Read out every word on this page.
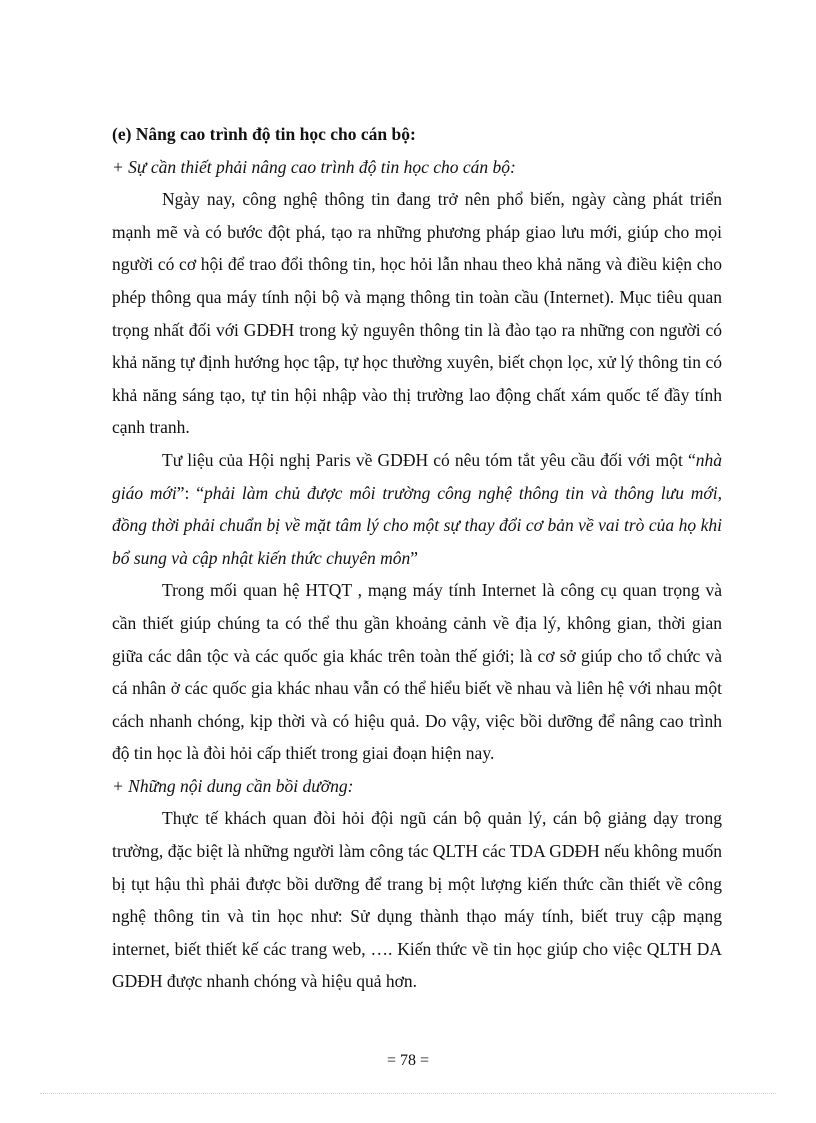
(e) Nâng cao trình độ tin học cho cán bộ:

+ Sự cần thiết phải nâng cao trình độ tin học cho cán bộ:

Ngày nay, công nghệ thông tin đang trở nên phổ biến, ngày càng phát triển mạnh mẽ và có bước đột phá, tạo ra những phương pháp giao lưu mới, giúp cho mọi người có cơ hội để trao đổi thông tin, học hỏi lẫn nhau theo khả năng và điều kiện cho phép thông qua máy tính nội bộ và mạng thông tin toàn cầu (Internet). Mục tiêu quan trọng nhất đối với GDĐH trong kỷ nguyên thông tin là đào tạo ra những con người có khả năng tự định hướng học tập, tự học thường xuyên, biết chọn lọc, xử lý thông tin có khả năng sáng tạo, tự tin hội nhập vào thị trường lao động chất xám quốc tế đầy tính cạnh tranh.

Tư liệu của Hội nghị Paris về GDĐH có nêu tóm tắt yêu cầu đối với một “nhà giáo mới”: “phải làm chủ được môi trường công nghệ thông tin và thông lưu mới, đồng thời phải chuẩn bị về mặt tâm lý cho một sự thay đổi cơ bản về vai trò của họ khi bổ sung và cập nhật kiến thức chuyên môn”

Trong mối quan hệ HTQT , mạng máy tính Internet là công cụ quan trọng và cần thiết giúp chúng ta có thể thu gần khoảng cảnh về địa lý, không gian, thời gian giữa các dân tộc và các quốc gia khác trên toàn thế giới; là cơ sở giúp cho tổ chức và cá nhân ở các quốc gia khác nhau vẫn có thể hiểu biết về nhau và liên hệ với nhau một cách nhanh chóng, kịp thời và có hiệu quả. Do vậy, việc bồi dưỡng để nâng cao trình độ tin học là đòi hỏi cấp thiết trong giai đoạn hiện nay.

+ Những nội dung cần bồi dưỡng:

Thực tế khách quan đòi hỏi đội ngũ cán bộ quản lý, cán bộ giảng dạy trong trường, đặc biệt là những người làm công tác QLTH các TDA GDĐH nếu không muốn bị tụt hậu thì phải được bồi dưỡng để trang bị một lượng kiến thức cần thiết về công nghệ thông tin và tin học như: Sử dụng thành thạo máy tính, biết truy cập mạng internet, biết thiết kế các trang web, …. Kiến thức về tin học giúp cho việc QLTH DA GDĐH được nhanh chóng và hiệu quả hơn.

= 78 =
